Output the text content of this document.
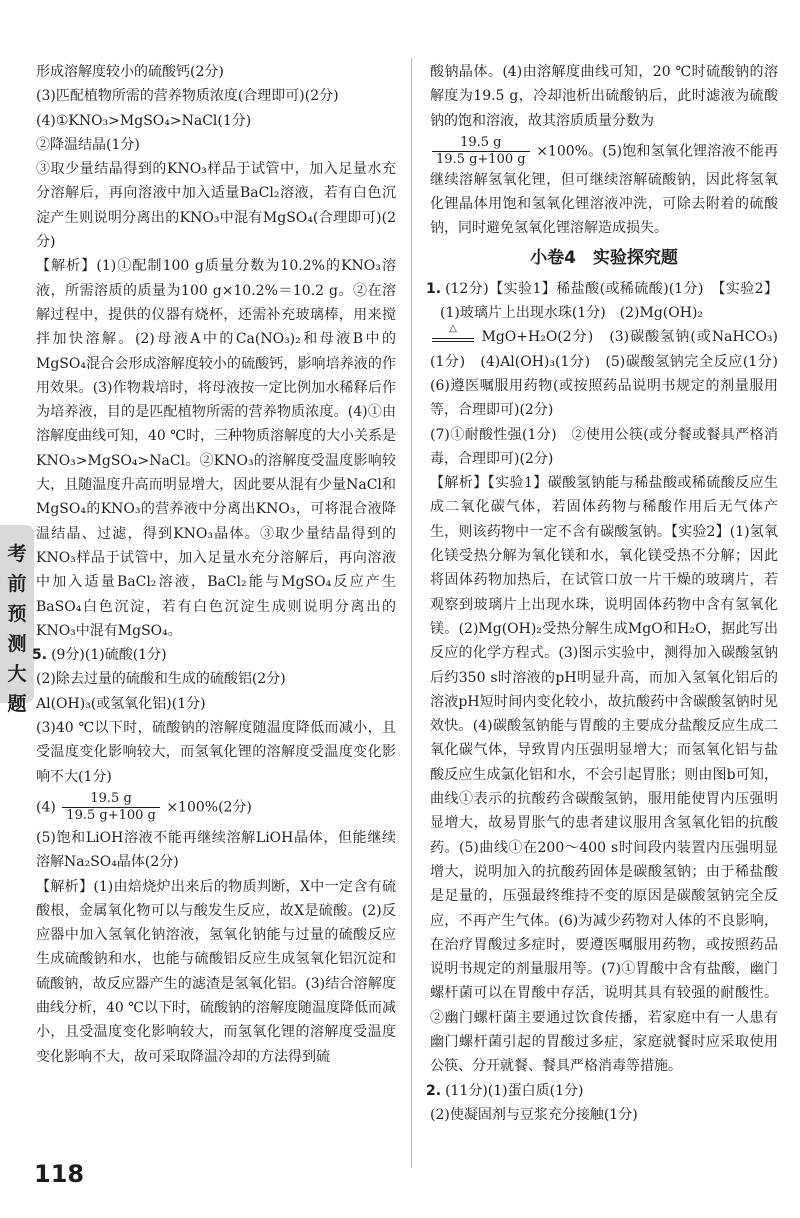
考前预测大题

形成溶解度较小的硫酸钙(2分)

(3)匹配植物所需的营养物质浓度(合理即可)(2分)

(4)①KNO₃>MgSO₄>NaCl(1分)

②降温结晶(1分)

③取少量结晶得到的KNO₃样品于试管中，加入足量水充分溶解后，再向溶液中加入适量BaCl₂溶液，若有白色沉淀产生则说明分离出的KNO₃中混有MgSO₄(合理即可)(2分)

【解析】(1)①配制100 g质量分数为10.2%的KNO₃溶液，所需溶质的质量为100 g×10.2%＝10.2 g。②在溶解过程中，提供的仪器有烧杯，还需补充玻璃棒，用来搅拌加快溶解。(2)母液A中的Ca(NO₃)₂和母液B中的MgSO₄混合会形成溶解度较小的硫酸钙，影响培养液的作用效果。(3)作物栽培时，将母液按一定比例加水稀释后作为培养液，目的是匹配植物所需的营养物质浓度。(4)①由溶解度曲线可知，40 ℃时，三种物质溶解度的大小关系是KNO₃>MgSO₄>NaCl。②KNO₃的溶解度受温度影响较大，且随温度升高而明显增大，因此要从混有少量NaCl和MgSO₄的KNO₃的营养液中分离出KNO₃，可将混合液降温结晶、过滤，得到KNO₃晶体。③取少量结晶得到的KNO₃样品于试管中，加入足量水充分溶解后，再向溶液中加入适量BaCl₂溶液，BaCl₂能与MgSO₄反应产生BaSO₄白色沉淀，若有白色沉淀生成则说明分离出的KNO₃中混有MgSO₄。

5. (9分)(1)硫酸(1分)

(2)除去过量的硫酸和生成的硫酸铝(2分)

Al(OH)₃(或氢氧化铝)(1分)

(3)40 ℃以下时，硫酸钠的溶解度随温度降低而减小，且受温度变化影响较大，而氢氧化锂的溶解度受温度变化影响不大(1分)

$(4) \frac{19.5 g}{19.5 g+100 g} \times 100\%(2$分)

(5)饱和LiOH溶液不能再继续溶解LiOH晶体，但能继续溶解Na₂SO₄晶体(2分)

【解析】(1)由焙烧炉出来后的物质判断，X中一定含有硫酸根，金属氧化物可以与酸发生反应，故X是硫酸。(2)反应器中加入氢氧化钠溶液，氢氧化钠能与过量的硫酸反应生成硫酸钠和水，也能与硫酸铝反应生成氢氧化铝沉淀和硫酸钠，故反应器产生的滤渣是氢氧化铝。(3)结合溶解度曲线分析，40 ℃以下时，硫酸钠的溶解度随温度降低而减小，且受温度变化影响较大，而氢氧化锂的溶解度受温度变化影响不大，故可采取降温冷却的方法得到硫

酸钠晶体。(4)由溶解度曲线可知，20 ℃时硫酸钠的溶解度为19.5 g，冷却池析出硫酸钠后，此时滤液为硫酸钠的饱和溶液，故其溶质质量分数为

$\frac{19.5 g}{19.5 g+100 g} \times 100\%$。(5)饱和氢氧化锂溶液不能再继续溶解氢氧化锂，但可继续溶解硫酸钠，因此将氢氧化锂晶体用饱和氢氧化锂溶液冲洗，可除去附着的硫酸钠，同时避免氢氧化锂溶解造成损失。

小卷4　实验探究题

1. (12分)【实验1】稀盐酸(或稀硫酸)(1分)　【实验2】(1)玻璃片上出现水珠(1分)　(2)Mg(OH)₂

△
MgO+H₂O(2分)　(3)碳酸氢钠(或NaHCO₃)(1分)　(4)Al(OH)₃(1分)　(5)碳酸氢钠完全反应(1分)　(6)遵医嘱服用药物(或按照药品说明书规定的剂量服用等，合理即可)(2分)

(7)①耐酸性强(1分)　②使用公筷(或分餐或餐具严格消毒，合理即可)(2分)

【解析】【实验1】碳酸氢钠能与稀盐酸或稀硫酸反应生成二氧化碳气体，若固体药物与稀酸作用后无气体产生，则该药物中一定不含有碳酸氢钠。【实验2】(1)氢氧化镁受热分解为氧化镁和水，氧化镁受热不分解；因此将固体药物加热后，在试管口放一片干燥的玻璃片，若观察到玻璃片上出现水珠，说明固体药物中含有氢氧化镁。(2)Mg(OH)₂受热分解生成MgO和H₂O，据此写出反应的化学方程式。(3)图示实验中，测得加入碳酸氢钠后约350 s时溶液的pH明显升高，而加入氢氧化铝后的溶液pH短时间内变化较小，故抗酸药中含碳酸氢钠时见效快。(4)碳酸氢钠能与胃酸的主要成分盐酸反应生成二氧化碳气体，导致胃内压强明显增大；而氢氧化铝与盐酸反应生成氯化铝和水，不会引起胃胀；则由图b可知，曲线①表示的抗酸药含碳酸氢钠，服用能使胃内压强明显增大，故易胃胀气的患者建议服用含氢氧化铝的抗酸药。(5)曲线①在200～400 s时间段内装置内压强明显增大，说明加入的抗酸药固体是碳酸氢钠；由于稀盐酸是足量的，压强最终维持不变的原因是碳酸氢钠完全反应，不再产生气体。(6)为减少药物对人体的不良影响，在治疗胃酸过多症时，要遵医嘱服用药物，或按照药品说明书规定的剂量服用等。(7)①胃酸中含有盐酸，幽门螺杆菌可以在胃酸中存活，说明其具有较强的耐酸性。②幽门螺杆菌主要通过饮食传播，若家庭中有一人患有幽门螺杆菌引起的胃酸过多症，家庭就餐时应采取使用公筷、分开就餐、餐具严格消毒等措施。

2. (11分)(1)蛋白质(1分)

(2)使凝固剂与豆浆充分接触(1分)

118
